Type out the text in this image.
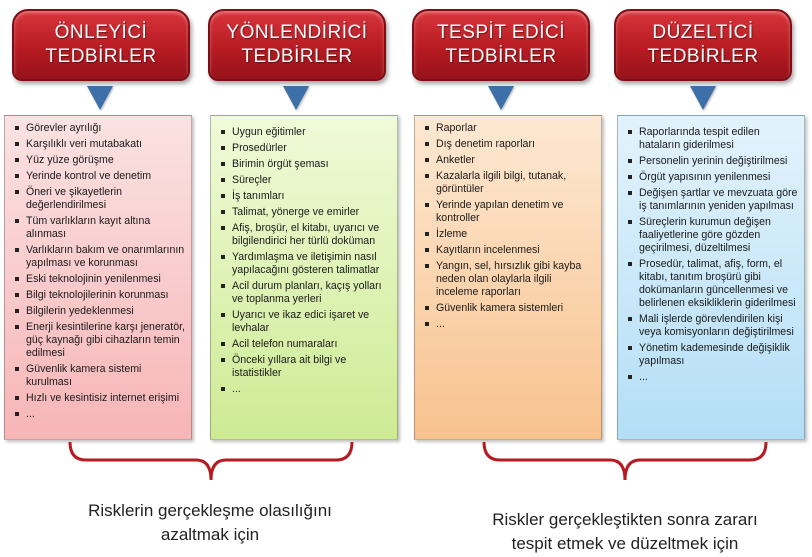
ÖNLEYİCİ
TEDBİRLER
YÖNLENDİRİCİ
TEDBİRLER
TESPİT EDİCİ
TEDBİRLER
DÜZELTİCİ
TEDBİRLER
Görevler ayrılığı
Karşılıklı veri mutabakatı
Yüz yüze görüşme
Yerinde kontrol ve denetim
Öneri ve şikayetlerin değerlendirilmesi
Tüm varlıkların kayıt altına alınması
Varlıkların bakım ve onarımlarının yapılması ve korunması
Eski teknolojinin yenilenmesi
Bilgi teknolojilerinin korunması
Bilgilerin yedeklenmesi
Enerji kesintilerine karşı jeneratör, güç kaynağı gibi cihazların temin edilmesi
Güvenlik kamera sistemi kurulması
Hızlı ve kesintisiz internet erişimi
...
Uygun eğitimler
Prosedürler
Birimin örgüt şeması
Süreçler
İş tanımları
Talimat, yönerge ve emirler
Afiş, broşür, el kitabı, uyarıcı ve bilgilendirici her türlü doküman
Yardımlaşma ve iletişimin nasıl yapılacağını gösteren talimatlar
Acil durum planları, kaçış yolları ve toplanma yerleri
Uyarıcı ve ikaz edici işaret ve levhalar
Acil telefon numaraları
Önceki yıllara ait bilgi ve istatistikler
...
Raporlar
Dış denetim raporları
Anketler
Kazalarla ilgili bilgi, tutanak, görüntüler
Yerinde yapılan denetim ve kontroller
İzleme
Kayıtların incelenmesi
Yangın, sel, hırsızlık gibi kayba neden olan olaylarla ilgili inceleme raporları
Güvenlik kamera sistemleri
...
Raporlarında tespit edilen hataların giderilmesi
Personelin yerinin değiştirilmesi
Örgüt yapısının yenilenmesi
Değişen şartlar ve mevzuata göre iş tanımlarının yeniden yapılması
Süreçlerin kurumun değişen faaliyetlerine göre gözden geçirilmesi, düzeltilmesi
Prosedür, talimat, afiş, form, el kitabı, tanıtım broşürü gibi dokümanların güncellenmesi ve belirlenen eksikliklerin giderilmesi
Mali işlerde görevlendirilen kişi veya komisyonların değiştirilmesi
Yönetim kademesinde değişiklik yapılması
...
Risklerin gerçekleşme olasılığını
azaltmak için
Riskler gerçekleştikten sonra zararı
tespit etmek ve düzeltmek için
